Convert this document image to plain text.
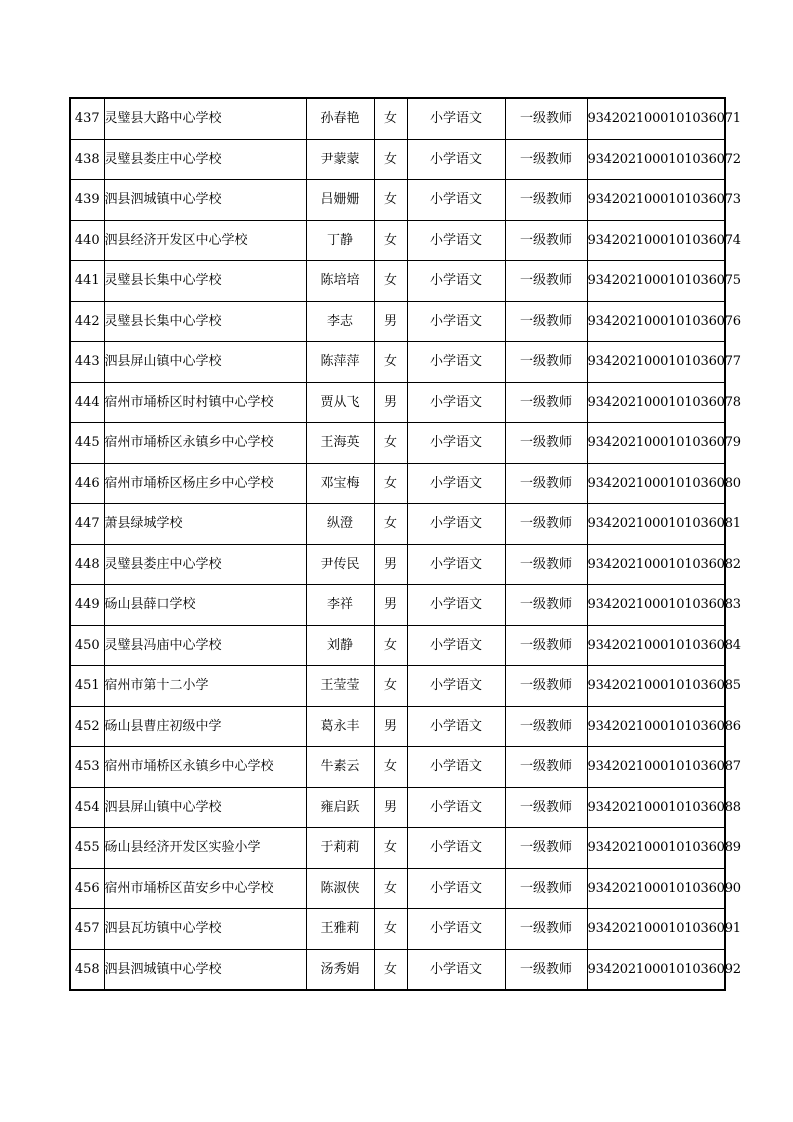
437	灵璧县大路中心学校	孙春艳	女	小学语文	一级教师	9342021000101036071
438	灵璧县娄庄中心学校	尹蒙蒙	女	小学语文	一级教师	9342021000101036072
439	泗县泗城镇中心学校	吕姗姗	女	小学语文	一级教师	9342021000101036073
440	泗县经济开发区中心学校	丁静	女	小学语文	一级教师	9342021000101036074
441	灵璧县长集中心学校	陈培培	女	小学语文	一级教师	9342021000101036075
442	灵璧县长集中心学校	李志	男	小学语文	一级教师	9342021000101036076
443	泗县屏山镇中心学校	陈萍萍	女	小学语文	一级教师	9342021000101036077
444	宿州市埇桥区时村镇中心学校	贾从飞	男	小学语文	一级教师	9342021000101036078
445	宿州市埇桥区永镇乡中心学校	王海英	女	小学语文	一级教师	9342021000101036079
446	宿州市埇桥区杨庄乡中心学校	邓宝梅	女	小学语文	一级教师	9342021000101036080
447	萧县绿城学校	纵澄	女	小学语文	一级教师	9342021000101036081
448	灵璧县娄庄中心学校	尹传民	男	小学语文	一级教师	9342021000101036082
449	砀山县薛口学校	李祥	男	小学语文	一级教师	9342021000101036083
450	灵璧县冯庙中心学校	刘静	女	小学语文	一级教师	9342021000101036084
451	宿州市第十二小学	王莹莹	女	小学语文	一级教师	9342021000101036085
452	砀山县曹庄初级中学	葛永丰	男	小学语文	一级教师	9342021000101036086
453	宿州市埇桥区永镇乡中心学校	牛素云	女	小学语文	一级教师	9342021000101036087
454	泗县屏山镇中心学校	雍启跃	男	小学语文	一级教师	9342021000101036088
455	砀山县经济开发区实验小学	于莉莉	女	小学语文	一级教师	9342021000101036089
456	宿州市埇桥区苗安乡中心学校	陈淑侠	女	小学语文	一级教师	9342021000101036090
457	泗县瓦坊镇中心学校	王雅莉	女	小学语文	一级教师	9342021000101036091
458	泗县泗城镇中心学校	汤秀娟	女	小学语文	一级教师	9342021000101036092
